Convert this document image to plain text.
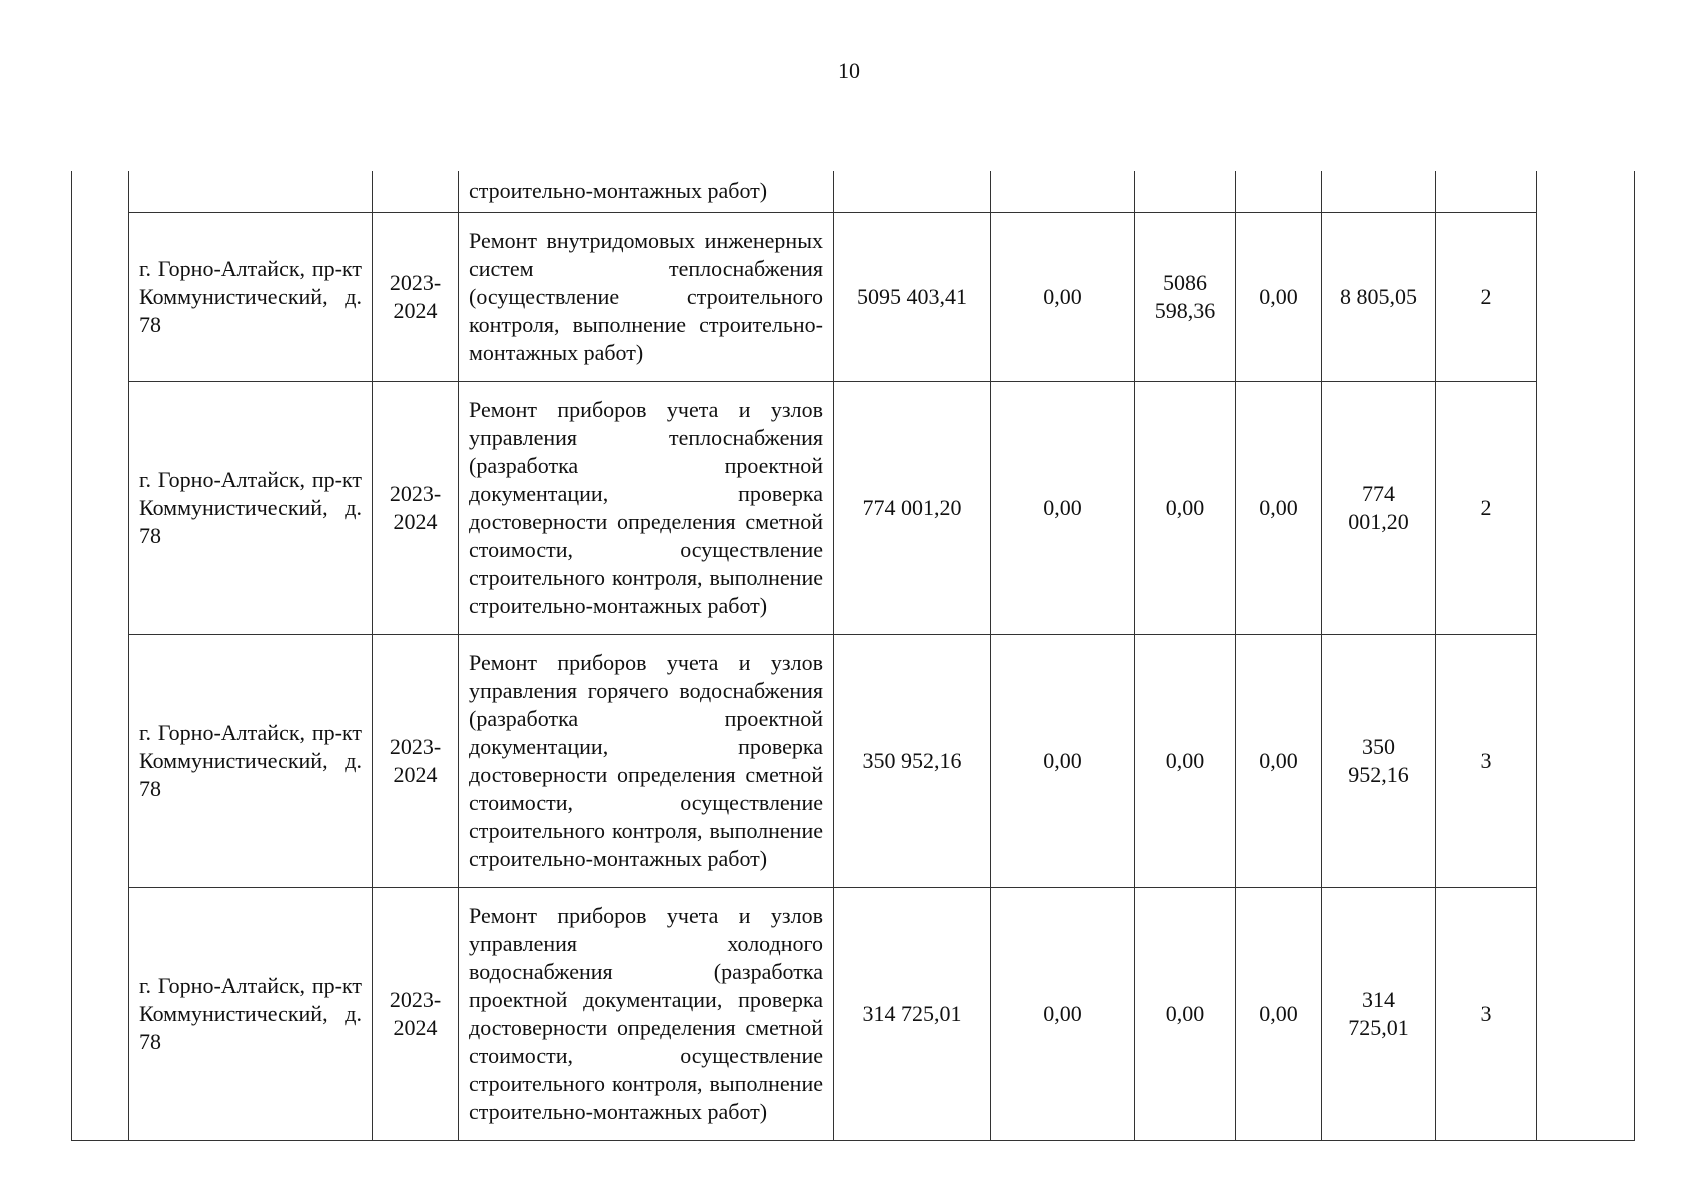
10
			строительно-монтажных работ)							
	г. Горно-Алтайск, пр-кт Коммунистический, д. 78	2023-2024	Ремонт внутридомовых инженерных систем теплоснабжения (осуществление строительного контроля, выполнение строительно-монтажных работ)	5095 403,41	0,00	5086 598,36	0,00	8 805,05	2	
	г. Горно-Алтайск, пр-кт Коммунистический, д. 78	2023-2024	Ремонт приборов учета и узлов управления теплоснабжения (разработка проектной документации, проверка достоверности определения сметной стоимости, осуществление строительного контроля, выполнение строительно-монтажных работ)	774 001,20	0,00	0,00	0,00	774 001,20	2	
	г. Горно-Алтайск, пр-кт Коммунистический, д. 78	2023-2024	Ремонт приборов учета и узлов управления горячего водоснабжения (разработка проектной документации, проверка достоверности определения сметной стоимости, осуществление строительного контроля, выполнение строительно-монтажных работ)	350 952,16	0,00	0,00	0,00	350 952,16	3	
	г. Горно-Алтайск, пр-кт Коммунистический, д. 78	2023-2024	Ремонт приборов учета и узлов управления холодного водоснабжения (разработка проектной документации, проверка достоверности определения сметной стоимости, осуществление строительного контроля, выполнение строительно-монтажных работ)	314 725,01	0,00	0,00	0,00	314 725,01	3	
